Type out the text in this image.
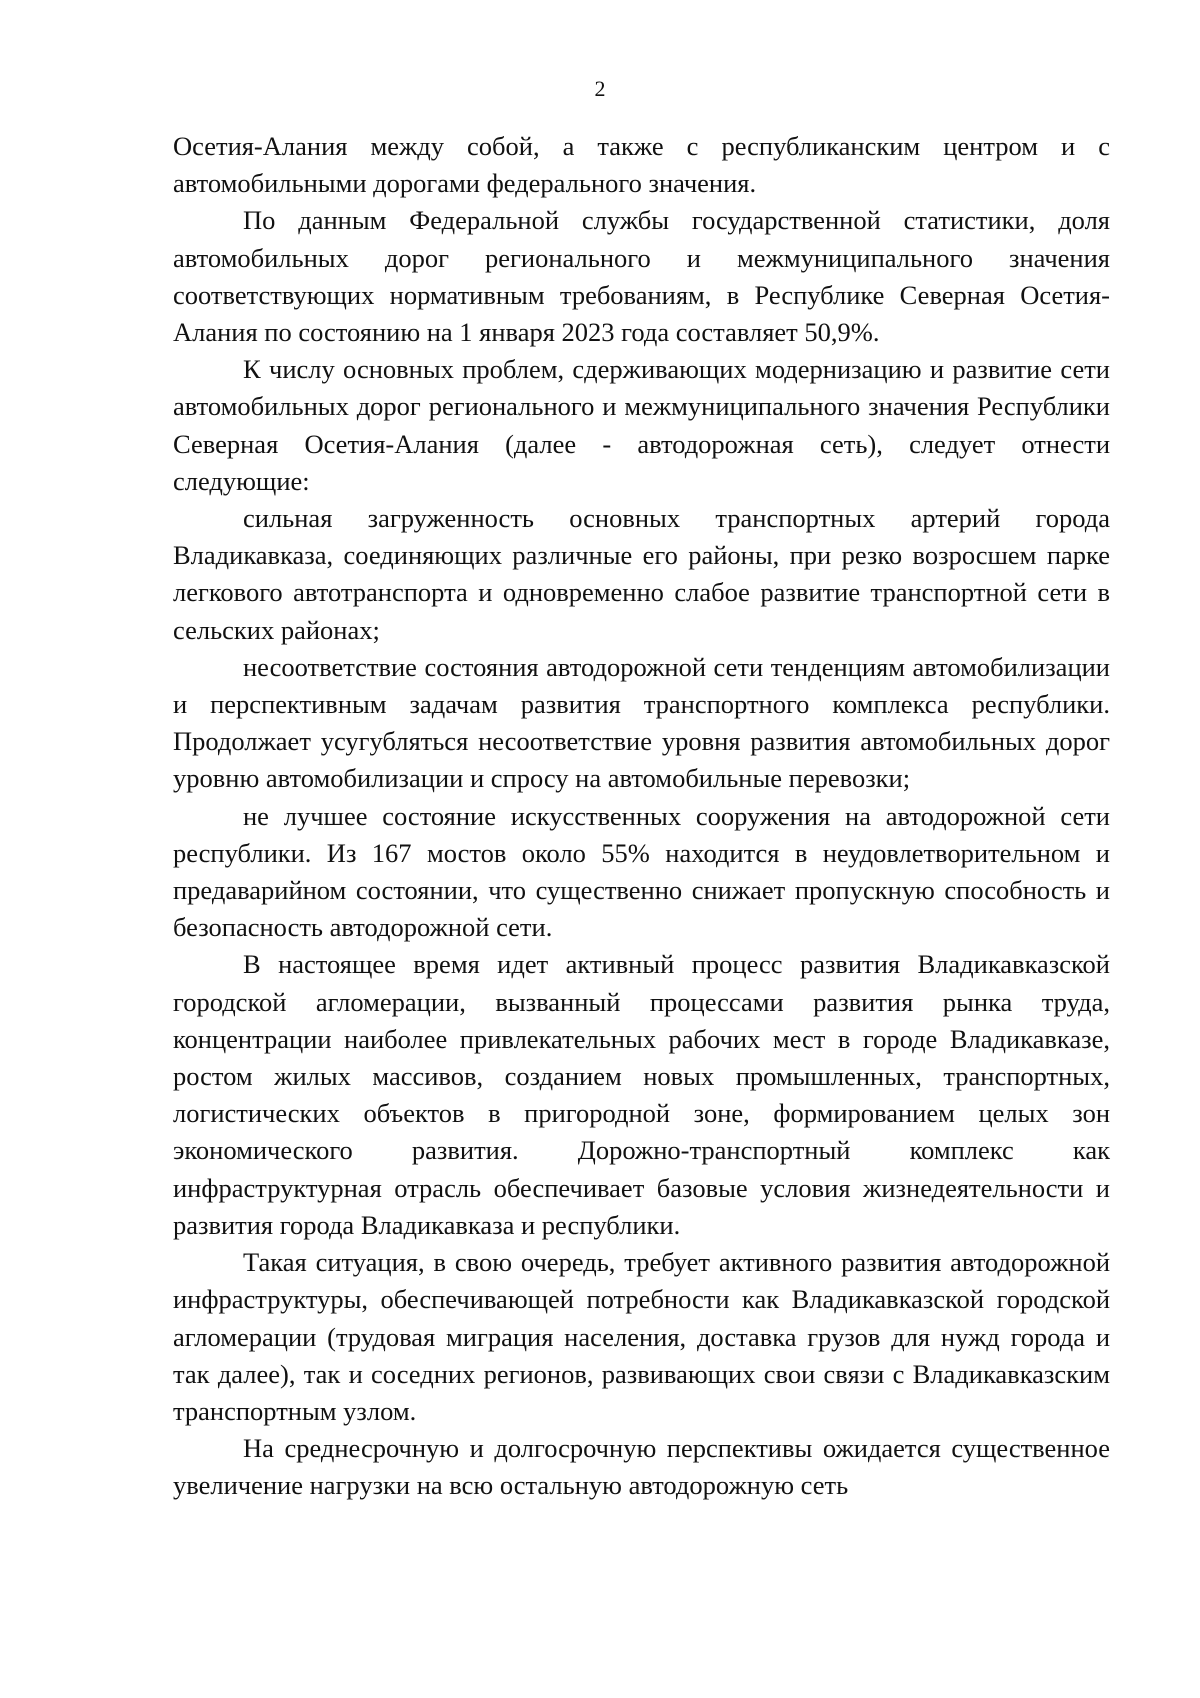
2

Осетия-Алания между собой, а также с республиканским центром и с автомобильными дорогами федерального значения.

По данным Федеральной службы государственной статистики, доля автомобильных дорог регионального и межмуниципального значения соответствующих нормативным требованиям, в Республике Северная Осетия-Алания по состоянию на 1 января 2023 года составляет 50,9%.

К числу основных проблем, сдерживающих модернизацию и развитие сети автомобильных дорог регионального и межмуниципального значения Республики Северная Осетия-Алания (далее - автодорожная сеть), следует отнести следующие:

сильная загруженность основных транспортных артерий города Владикавказа, соединяющих различные его районы, при резко возросшем парке легкового автотранспорта и одновременно слабое развитие транспортной сети в сельских районах;

несоответствие состояния автодорожной сети тенденциям автомобилизации и перспективным задачам развития транспортного комплекса республики. Продолжает усугубляться несоответствие уровня развития автомобильных дорог уровню автомобилизации и спросу на автомобильные перевозки;

не лучшее состояние искусственных сооружения на автодорожной сети республики. Из 167 мостов около 55% находится в неудовлетворительном и предаварийном состоянии, что существенно снижает пропускную способность и безопасность автодорожной сети.

В настоящее время идет активный процесс развития Владикавказской городской агломерации, вызванный процессами развития рынка труда, концентрации наиболее привлекательных рабочих мест в городе Владикавказе, ростом жилых массивов, созданием новых промышленных, транспортных, логистических объектов в пригородной зоне, формированием целых зон экономического развития. Дорожно-транспортный комплекс как инфраструктурная отрасль обеспечивает базовые условия жизнедеятельности и развития города Владикавказа и республики.

Такая ситуация, в свою очередь, требует активного развития автодорожной инфраструктуры, обеспечивающей потребности как Владикавказской городской агломерации (трудовая миграция населения, доставка грузов для нужд города и так далее), так и соседних регионов, развивающих свои связи с Владикавказским транспортным узлом.

На среднесрочную и долгосрочную перспективы ожидается существенное увеличение нагрузки на всю остальную автодорожную сеть
